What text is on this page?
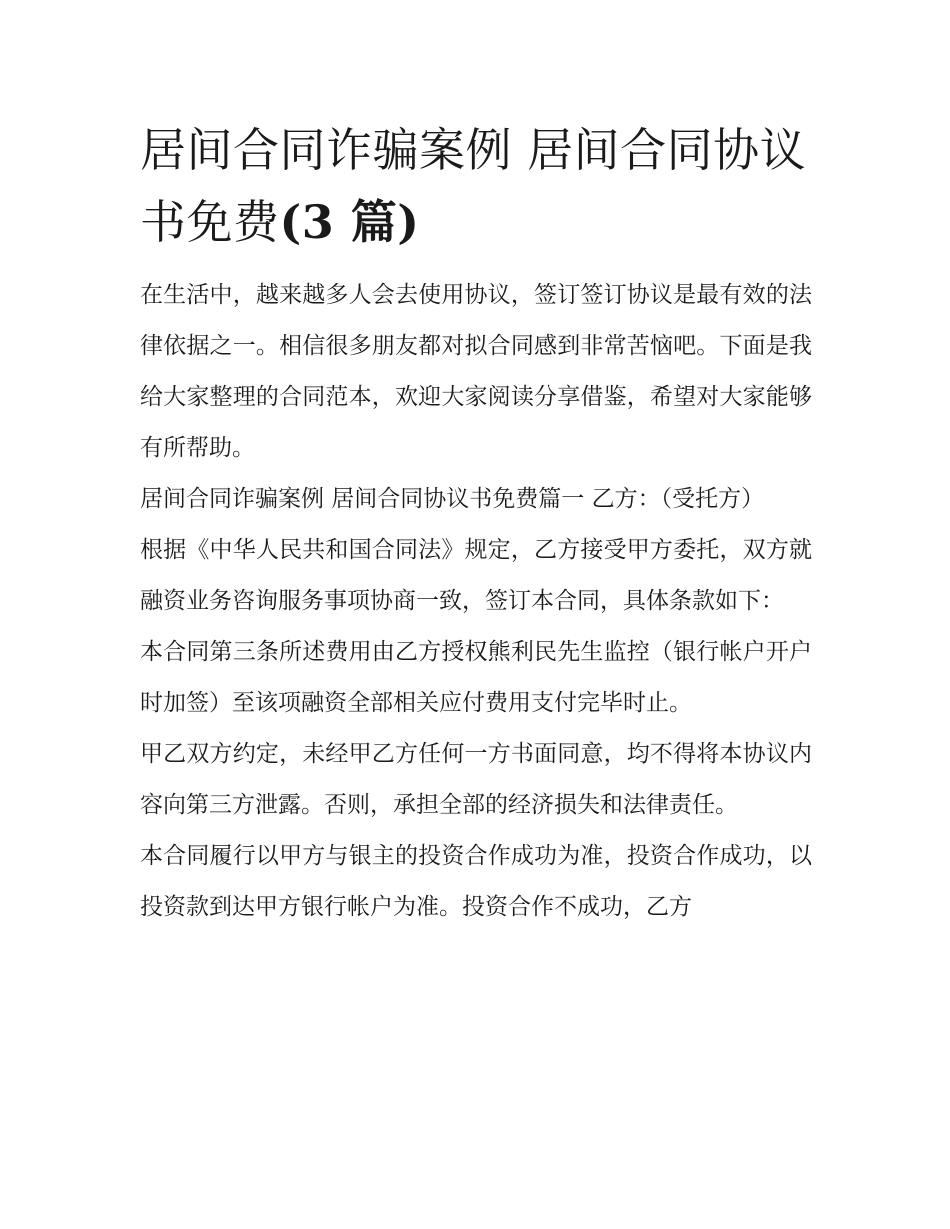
居间合同诈骗案例 居间合同协议书免费(3 篇)

在生活中，越来越多人会去使用协议，签订签订协议是最有效的法律依据之一。相信很多朋友都对拟合同感到非常苦恼吧。下面是我给大家整理的合同范本，欢迎大家阅读分享借鉴，希望对大家能够有所帮助。

居间合同诈骗案例 居间合同协议书免费篇一 乙方：（受托方）

根据《中华人民共和国合同法》规定，乙方接受甲方委托，双方就融资业务咨询服务事项协商一致，签订本合同，具体条款如下：

本合同第三条所述费用由乙方授权熊利民先生监控（银行帐户开户时加签）至该项融资全部相关应付费用支付完毕时止。

甲乙双方约定，未经甲乙方任何一方书面同意，均不得将本协议内容向第三方泄露。否则，承担全部的经济损失和法律责任。

本合同履行以甲方与银主的投资合作成功为准，投资合作成功，以投资款到达甲方银行帐户为准。投资合作不成功，乙方
